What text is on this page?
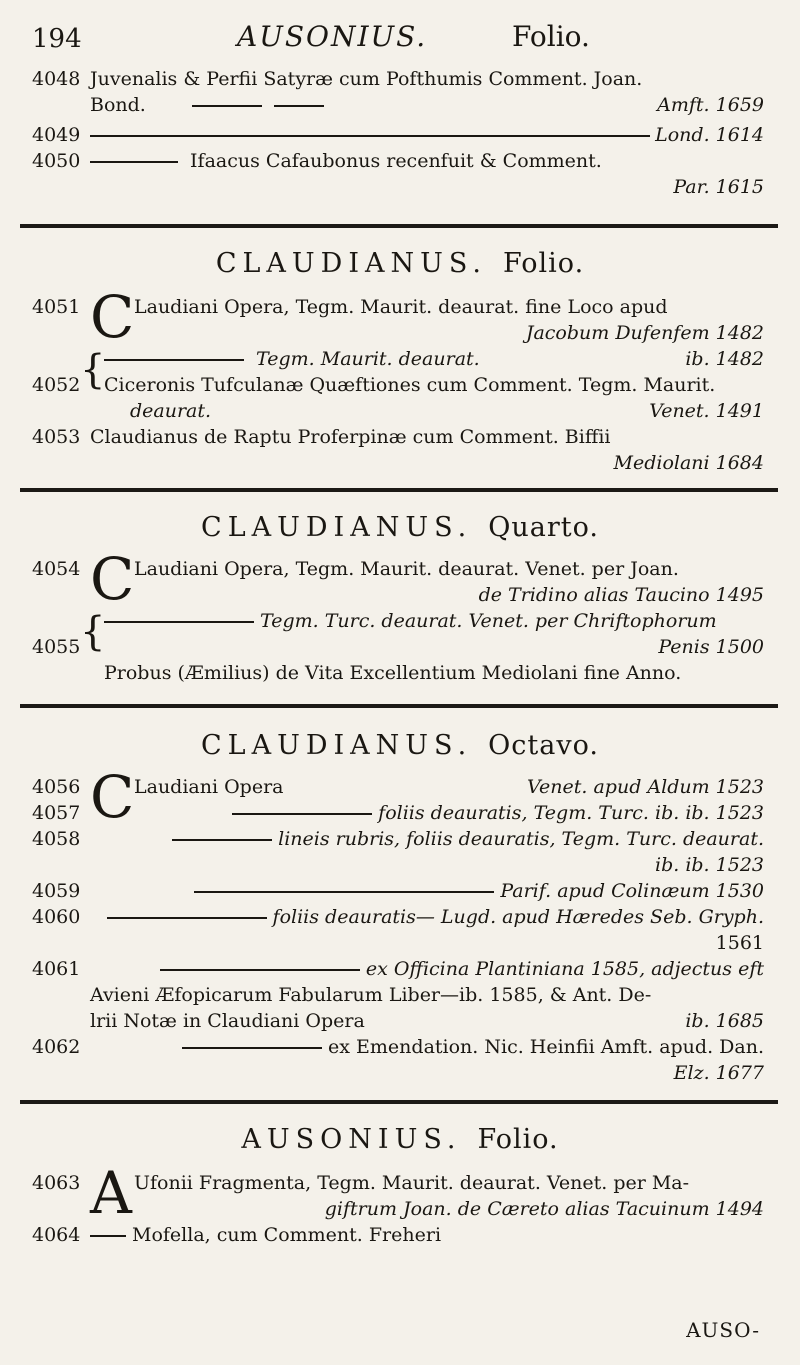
194	AUSONIUS.	Folio.
4048 Juvenalis & Perfii Satyræ cum Pofthumis Comment. Joan.
Bond.	Amft. 1659
4049	Lond. 1614
4050	Ifaacus Cafaubonus recenfuit & Comment.
Par. 1615
CLAUDIANUS. Folio.
4051 C Laudiani Opera, Tegm. Maurit. deaurat. fine Loco apud
Jacobum Dufenfem 1482
4052 {	Tegm. Maurit. deaurat.	ib. 1482
Ciceronis Tufculanæ Quæftiones cum Comment. Tegm. Maurit.
deaurat.	Venet. 1491
4053 Claudianus de Raptu Proferpinæ cum Comment. Biffii
Mediolani 1684
CLAUDIANUS. Quarto.
4054 C Laudiani Opera, Tegm. Maurit. deaurat. Venet. per Joan.
de Tridino alias Taucino 1495
4055 {	Tegm. Turc. deaurat. Venet. per Chriftophorum
Penis 1500
Probus (Æmilius) de Vita Excellentium Mediolani fine Anno.
CLAUDIANUS. Octavo.
4056 C Laudiani Opera	Venet. apud Aldum 1523
4057	foliis deauratis, Tegm. Turc. ib. ib. 1523
4058	lineis rubris, foliis deauratis, Tegm. Turc. deaurat.
ib. ib. 1523
4059	Parif. apud Colinæum 1530
4060	foliis deauratis— Lugd. apud Hæredes Seb. Gryph.
1561
4061	ex Officina Plantiniana 1585, adjectus eft
Avieni Æfopicarum Fabularum Liber—ib. 1585, & Ant. De-
lrii Notæ in Claudiani Opera	ib. 1685
4062	ex Emendation. Nic. Heinfii Amft. apud. Dan.
Elz. 1677
AUSONIUS. Folio.
4063 A Ufonii Fragmenta, Tegm. Maurit. deaurat. Venet. per Ma-
giftrum Joan. de Cæreto alias Tacuinum 1494
4064	Mofella, cum Comment. Freheri
AUSO-
